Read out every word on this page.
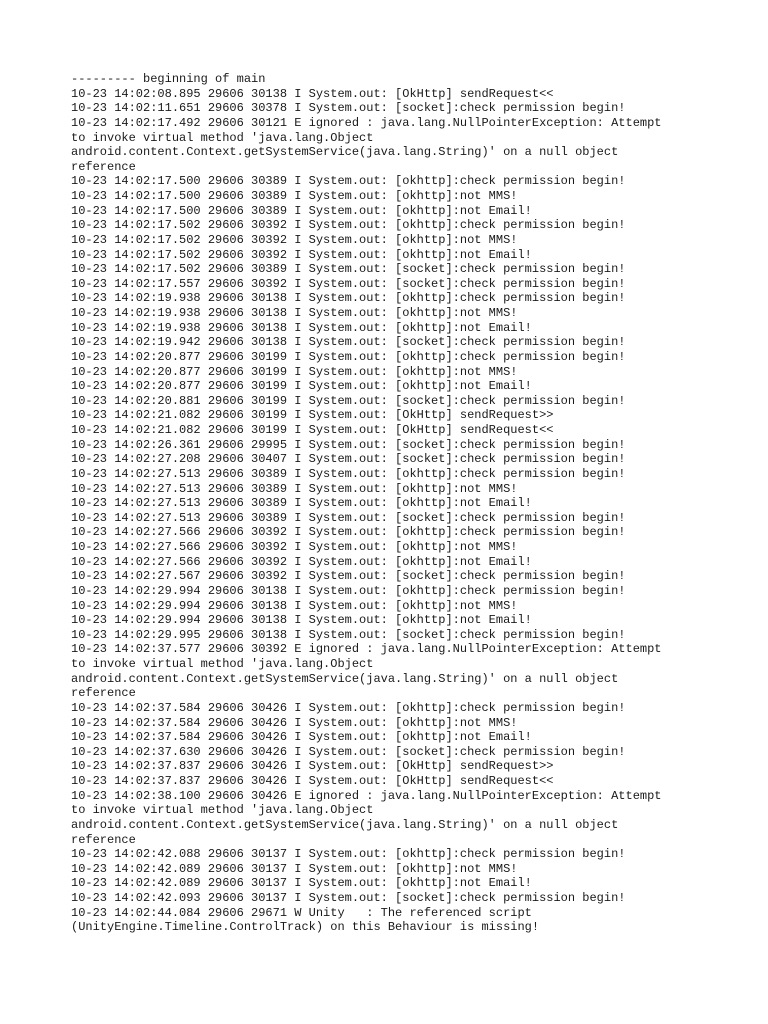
--------- beginning of main
10-23 14:02:08.895 29606 30138 I System.out: [OkHttp] sendRequest<<
10-23 14:02:11.651 29606 30378 I System.out: [socket]:check permission begin!
10-23 14:02:17.492 29606 30121 E ignored : java.lang.NullPointerException: Attempt
to invoke virtual method 'java.lang.Object
android.content.Context.getSystemService(java.lang.String)' on a null object
reference
10-23 14:02:17.500 29606 30389 I System.out: [okhttp]:check permission begin!
10-23 14:02:17.500 29606 30389 I System.out: [okhttp]:not MMS!
10-23 14:02:17.500 29606 30389 I System.out: [okhttp]:not Email!
10-23 14:02:17.502 29606 30392 I System.out: [okhttp]:check permission begin!
10-23 14:02:17.502 29606 30392 I System.out: [okhttp]:not MMS!
10-23 14:02:17.502 29606 30392 I System.out: [okhttp]:not Email!
10-23 14:02:17.502 29606 30389 I System.out: [socket]:check permission begin!
10-23 14:02:17.557 29606 30392 I System.out: [socket]:check permission begin!
10-23 14:02:19.938 29606 30138 I System.out: [okhttp]:check permission begin!
10-23 14:02:19.938 29606 30138 I System.out: [okhttp]:not MMS!
10-23 14:02:19.938 29606 30138 I System.out: [okhttp]:not Email!
10-23 14:02:19.942 29606 30138 I System.out: [socket]:check permission begin!
10-23 14:02:20.877 29606 30199 I System.out: [okhttp]:check permission begin!
10-23 14:02:20.877 29606 30199 I System.out: [okhttp]:not MMS!
10-23 14:02:20.877 29606 30199 I System.out: [okhttp]:not Email!
10-23 14:02:20.881 29606 30199 I System.out: [socket]:check permission begin!
10-23 14:02:21.082 29606 30199 I System.out: [OkHttp] sendRequest>>
10-23 14:02:21.082 29606 30199 I System.out: [OkHttp] sendRequest<<
10-23 14:02:26.361 29606 29995 I System.out: [socket]:check permission begin!
10-23 14:02:27.208 29606 30407 I System.out: [socket]:check permission begin!
10-23 14:02:27.513 29606 30389 I System.out: [okhttp]:check permission begin!
10-23 14:02:27.513 29606 30389 I System.out: [okhttp]:not MMS!
10-23 14:02:27.513 29606 30389 I System.out: [okhttp]:not Email!
10-23 14:02:27.513 29606 30389 I System.out: [socket]:check permission begin!
10-23 14:02:27.566 29606 30392 I System.out: [okhttp]:check permission begin!
10-23 14:02:27.566 29606 30392 I System.out: [okhttp]:not MMS!
10-23 14:02:27.566 29606 30392 I System.out: [okhttp]:not Email!
10-23 14:02:27.567 29606 30392 I System.out: [socket]:check permission begin!
10-23 14:02:29.994 29606 30138 I System.out: [okhttp]:check permission begin!
10-23 14:02:29.994 29606 30138 I System.out: [okhttp]:not MMS!
10-23 14:02:29.994 29606 30138 I System.out: [okhttp]:not Email!
10-23 14:02:29.995 29606 30138 I System.out: [socket]:check permission begin!
10-23 14:02:37.577 29606 30392 E ignored : java.lang.NullPointerException: Attempt
to invoke virtual method 'java.lang.Object
android.content.Context.getSystemService(java.lang.String)' on a null object
reference
10-23 14:02:37.584 29606 30426 I System.out: [okhttp]:check permission begin!
10-23 14:02:37.584 29606 30426 I System.out: [okhttp]:not MMS!
10-23 14:02:37.584 29606 30426 I System.out: [okhttp]:not Email!
10-23 14:02:37.630 29606 30426 I System.out: [socket]:check permission begin!
10-23 14:02:37.837 29606 30426 I System.out: [OkHttp] sendRequest>>
10-23 14:02:37.837 29606 30426 I System.out: [OkHttp] sendRequest<<
10-23 14:02:38.100 29606 30426 E ignored : java.lang.NullPointerException: Attempt
to invoke virtual method 'java.lang.Object
android.content.Context.getSystemService(java.lang.String)' on a null object
reference
10-23 14:02:42.088 29606 30137 I System.out: [okhttp]:check permission begin!
10-23 14:02:42.089 29606 30137 I System.out: [okhttp]:not MMS!
10-23 14:02:42.089 29606 30137 I System.out: [okhttp]:not Email!
10-23 14:02:42.093 29606 30137 I System.out: [socket]:check permission begin!
10-23 14:02:44.084 29606 29671 W Unity   : The referenced script
(UnityEngine.Timeline.ControlTrack) on this Behaviour is missing!
